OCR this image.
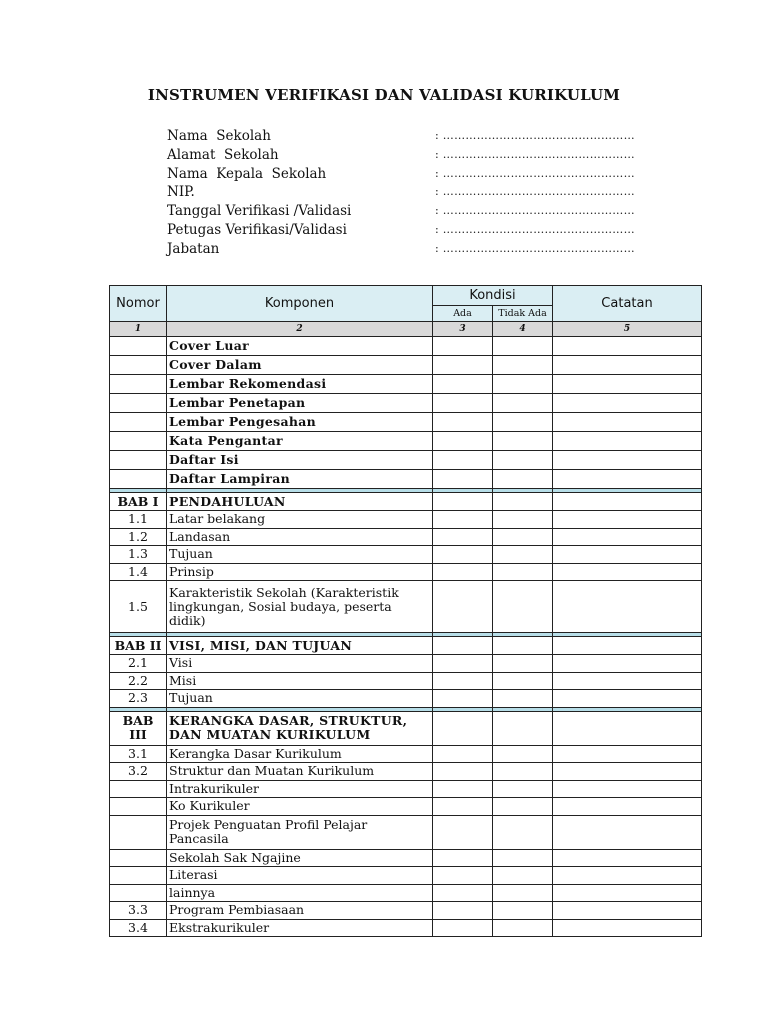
INSTRUMEN VERIFIKASI DAN VALIDASI KURIKULUM
Nama  Sekolah	: ……………………………………………
Alamat  Sekolah	: ……………………………………………
Nama  Kepala  Sekolah	: ……………………………………………
NIP.	: ……………………………………………
Tanggal Verifikasi /Validasi	: ……………………………………………
Petugas Verifikasi/Validasi	: ……………………………………………
Jabatan	: ……………………………………………
Nomor	Komponen	Kondisi		Catatan
		Ada	Tidak Ada	
1	2	3	4	5
	Cover Luar			
	Cover Dalam			
	Lembar Rekomendasi			
	Lembar Penetapan			
	Lembar Pengesahan			
	Kata Pengantar			
	Daftar Isi			
	Daftar Lampiran			

BAB I	PENDAHULUAN			
1.1	Latar belakang			
1.2	Landasan			
1.3	Tujuan			
1.4	Prinsip			
1.5	Karakteristik Sekolah (Karakteristik lingkungan, Sosial budaya, peserta didik)			

BAB II	VISI, MISI, DAN TUJUAN			
2.1	Visi			
2.2	Misi			
2.3	Tujuan			

BAB III	KERANGKA DASAR, STRUKTUR, DAN MUATAN KURIKULUM			
3.1	Kerangka Dasar Kurikulum			
3.2	Struktur dan Muatan Kurikulum			
	Intrakurikuler			
	Ko Kurikuler			
	Projek Penguatan Profil Pelajar Pancasila			
	Sekolah Sak Ngajine			
	Literasi			
	lainnya			
3.3	Program Pembiasaan			
3.4	Ekstrakurikuler			
